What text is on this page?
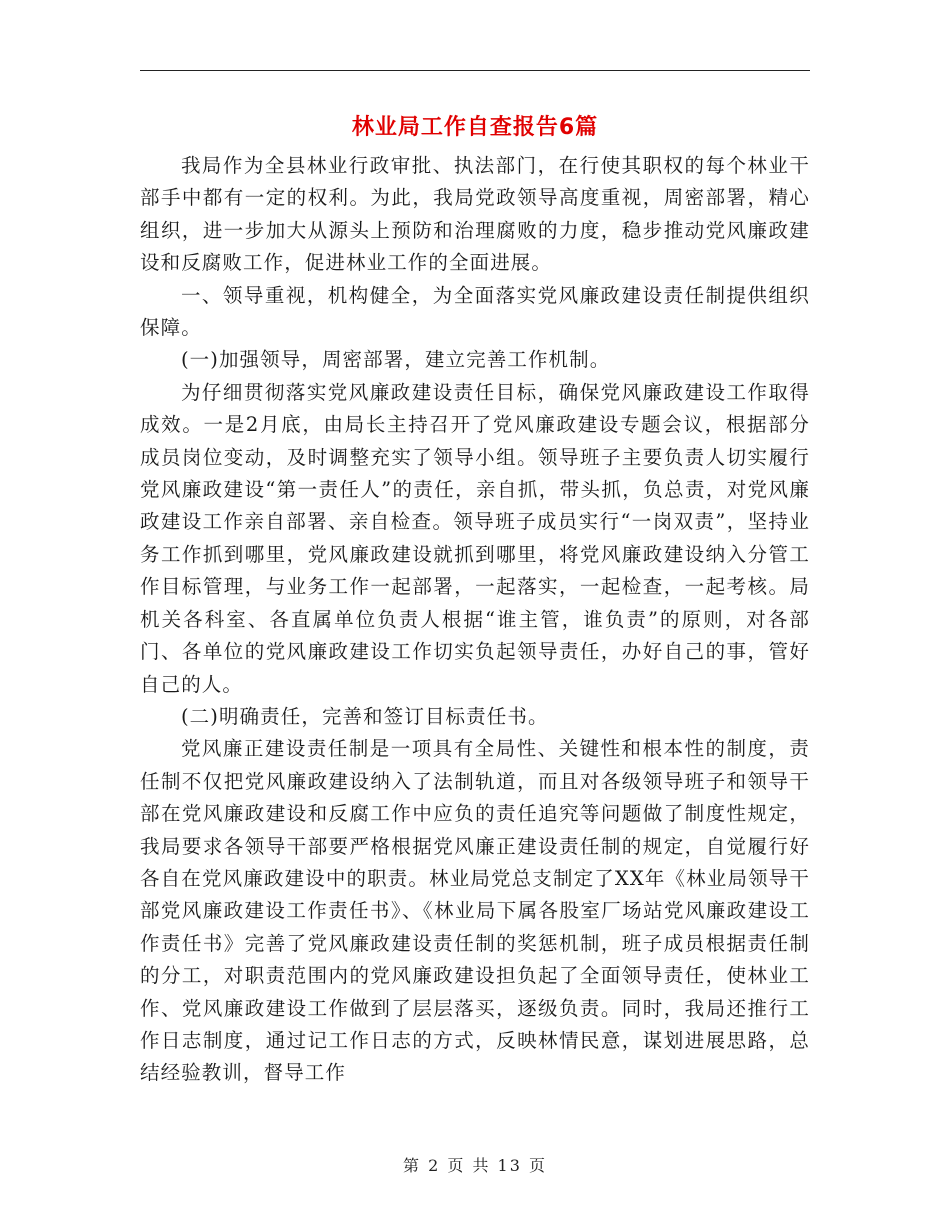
林业局工作自查报告6篇

我局作为全县林业行政审批、执法部门，在行使其职权的每个林业干部手中都有一定的权利。为此，我局党政领导高度重视，周密部署，精心组织，进一步加大从源头上预防和治理腐败的力度，稳步推动党风廉政建设和反腐败工作，促进林业工作的全面进展。

一、领导重视，机构健全，为全面落实党风廉政建设责任制提供组织保障。

(一)加强领导，周密部署，建立完善工作机制。

为仔细贯彻落实党风廉政建设责任目标，确保党风廉政建设工作取得成效。一是2月底，由局长主持召开了党风廉政建设专题会议，根据部分成员岗位变动，及时调整充实了领导小组。领导班子主要负责人切实履行党风廉政建设“第一责任人”的责任，亲自抓，带头抓，负总责，对党风廉政建设工作亲自部署、亲自检查。领导班子成员实行“一岗双责”，坚持业务工作抓到哪里，党风廉政建设就抓到哪里，将党风廉政建设纳入分管工作目标管理，与业务工作一起部署，一起落实，一起检查，一起考核。局机关各科室、各直属单位负责人根据“谁主管，谁负责”的原则，对各部门、各单位的党风廉政建设工作切实负起领导责任，办好自己的事，管好自己的人。

(二)明确责任，完善和签订目标责任书。

党风廉正建设责任制是一项具有全局性、关键性和根本性的制度，责任制不仅把党风廉政建设纳入了法制轨道，而且对各级领导班子和领导干部在党风廉政建设和反腐工作中应负的责任追究等问题做了制度性规定，我局要求各领导干部要严格根据党风廉正建设责任制的规定，自觉履行好各自在党风廉政建设中的职责。林业局党总支制定了XX年《林业局领导干部党风廉政建设工作责任书》、《林业局下属各股室厂场站党风廉政建设工作责任书》完善了党风廉政建设责任制的奖惩机制，班子成员根据责任制的分工，对职责范围内的党风廉政建设担负起了全面领导责任，使林业工作、党风廉政建设工作做到了层层落买，逐级负责。同时，我局还推行工作日志制度，通过记工作日志的方式，反映林情民意，谋划进展思路，总结经验教训，督导工作

第 2 页 共 13 页
